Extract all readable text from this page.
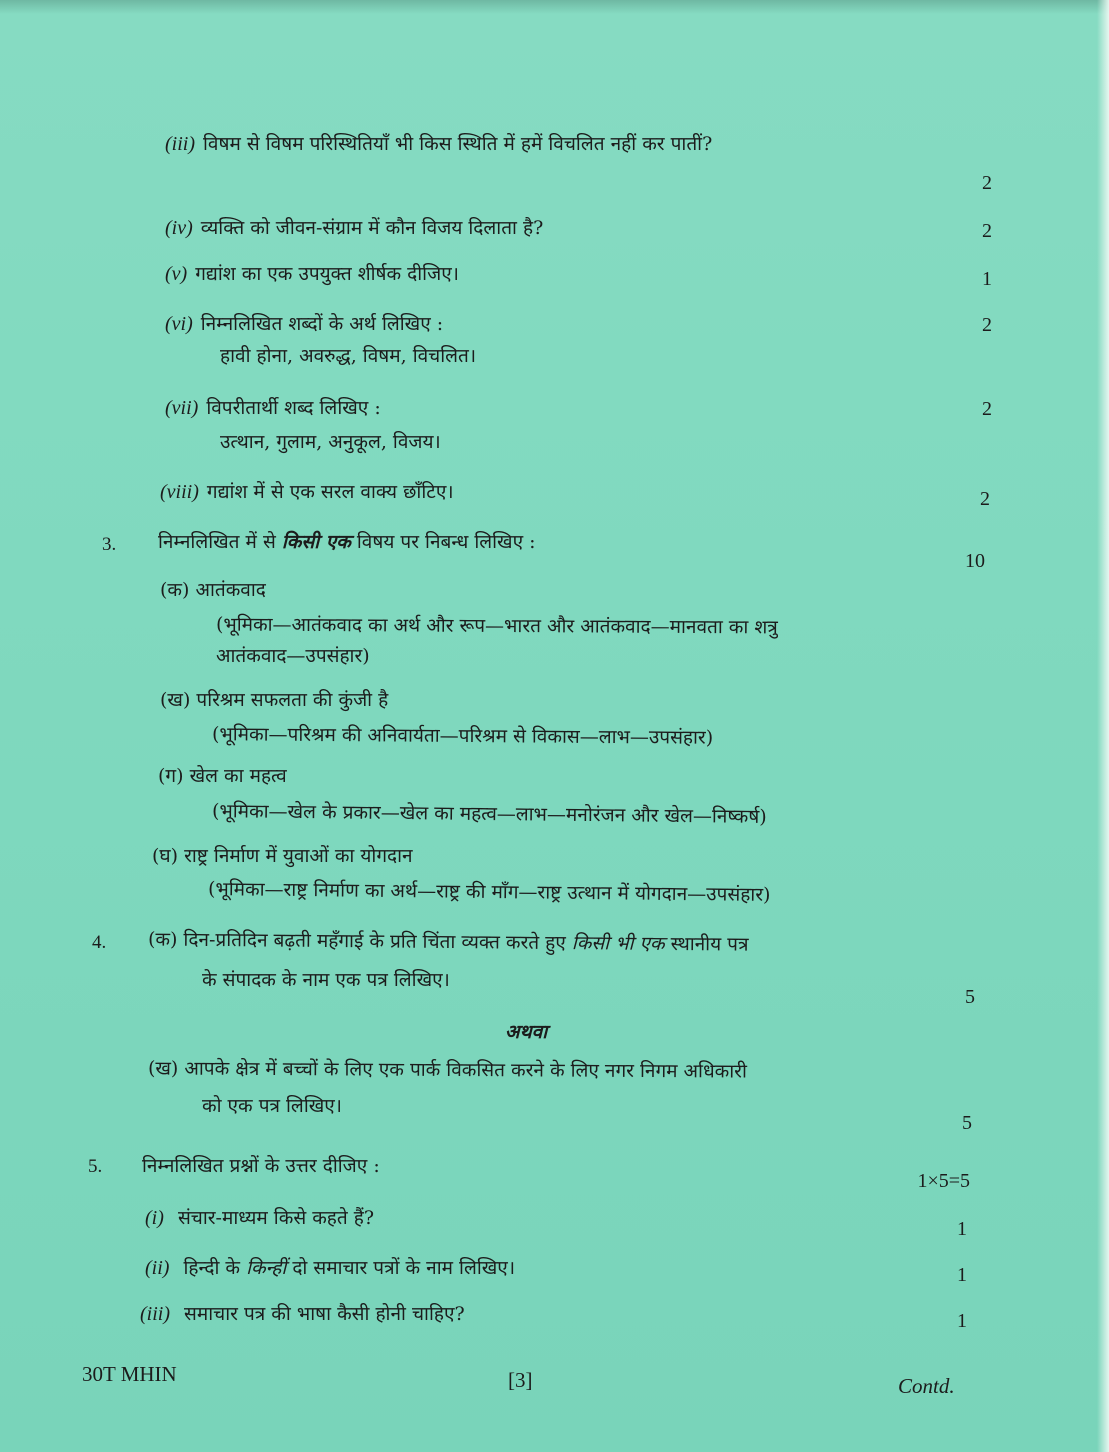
(iii) विषम से विषम परिस्थितियाँ भी किस स्थिति में हमें विचलित नहीं कर पातीं?
2
(iv) व्यक्ति को जीवन-संग्राम में कौन विजय दिलाता है?	2
(v) गद्यांश का एक उपयुक्त शीर्षक दीजिए।	1
(vi) निम्नलिखित शब्दों के अर्थ लिखिए :
हावी होना, अवरुद्ध, विषम, विचलित।
2
(vii) विपरीतार्थी शब्द लिखिए :
उत्थान, गुलाम, अनुकूल, विजय।
2
(viii) गद्यांश में से एक सरल वाक्य छाँटिए।	2
3. निम्नलिखित में से किसी एक विषय पर निबन्ध लिखिए :
10
(क) आतंकवाद
(भूमिका—आतंकवाद का अर्थ और रूप—भारत और आतंकवाद—मानवता का शत्रु
आतंकवाद—उपसंहार)
(ख) परिश्रम सफलता की कुंजी है
(भूमिका—परिश्रम की अनिवार्यता—परिश्रम से विकास—लाभ—उपसंहार)
(ग) खेल का महत्व
(भूमिका—खेल के प्रकार—खेल का महत्व—लाभ—मनोरंजन और खेल—निष्कर्ष)
(घ) राष्ट्र निर्माण में युवाओं का योगदान
(भूमिका—राष्ट्र निर्माण का अर्थ—राष्ट्र की माँग—राष्ट्र उत्थान में योगदान—उपसंहार)
4. (क) दिन-प्रतिदिन बढ़ती महँगाई के प्रति चिंता व्यक्त करते हुए किसी भी एक स्थानीय पत्र
के संपादक के नाम एक पत्र लिखिए।
5
अथवा
(ख) आपके क्षेत्र में बच्चों के लिए एक पार्क विकसित करने के लिए नगर निगम अधिकारी
को एक पत्र लिखिए।
5
5. निम्नलिखित प्रश्नों के उत्तर दीजिए :
1×5=5
(i) संचार-माध्यम किसे कहते हैं?	1
(ii) हिन्दी के किन्हीं दो समाचार पत्रों के नाम लिखिए।	1
(iii) समाचार पत्र की भाषा कैसी होनी चाहिए?	1
30T MHIN	[3]	Contd.
